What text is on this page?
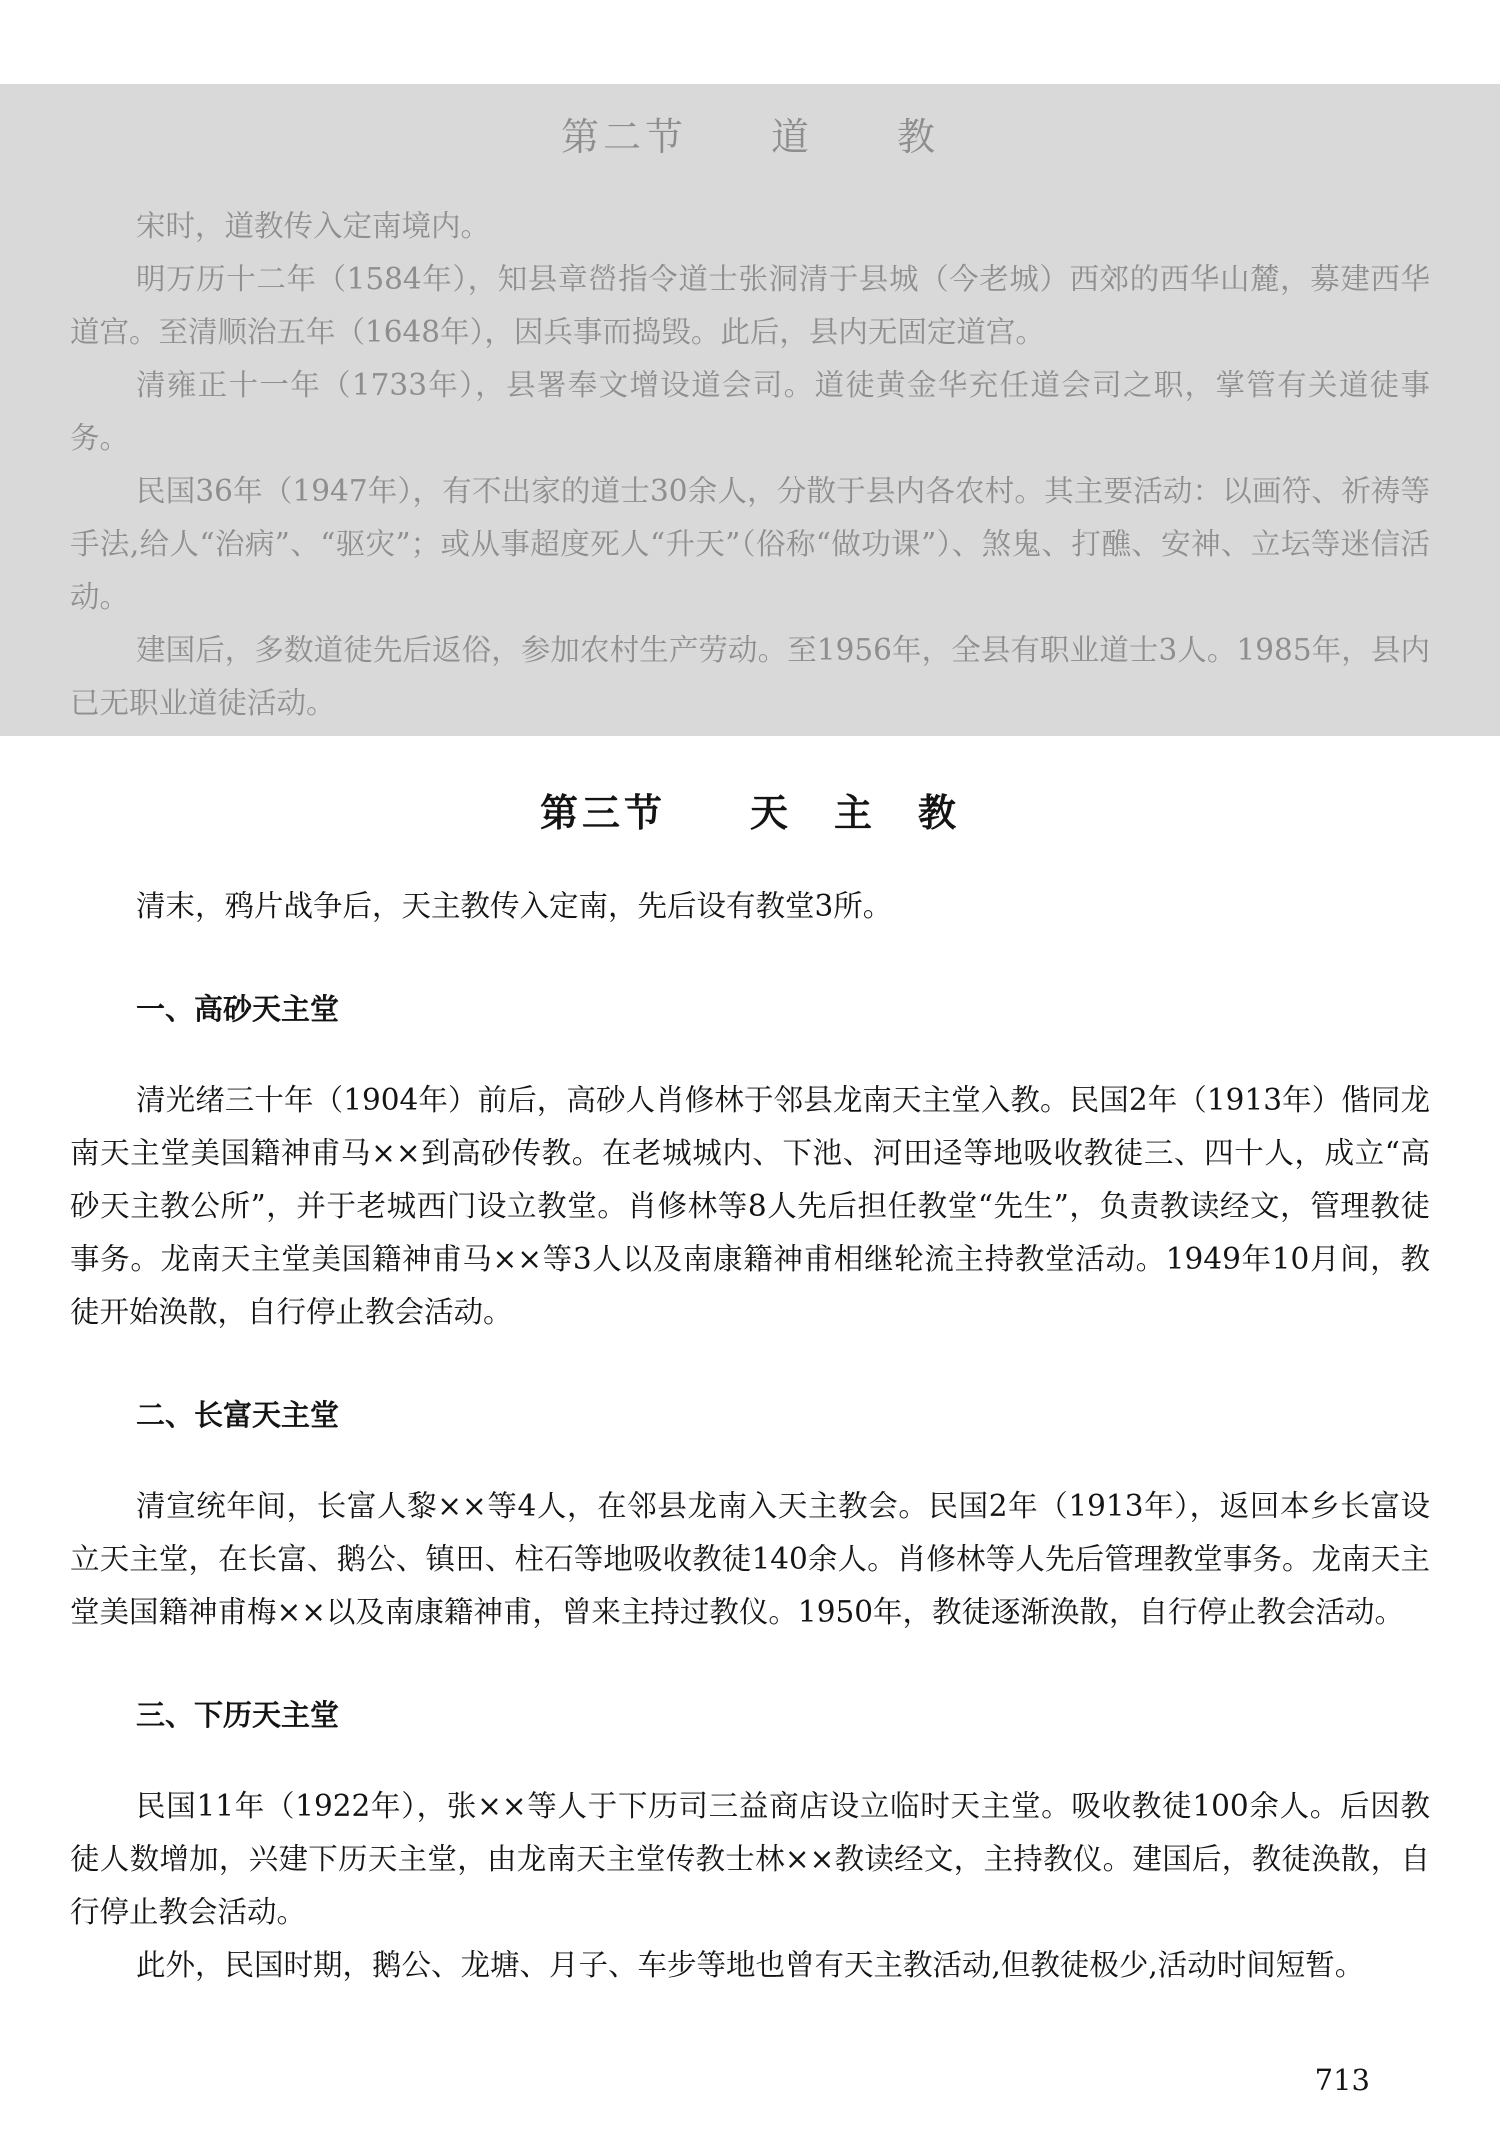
第二节　　道　　教

宋时，道教传入定南境内。

明万历十二年（1584年），知县章嵤指令道士张洞清于县城（今老城）西郊的西华山麓，募建西华道宫。至清顺治五年（1648年），因兵事而捣毁。此后，县内无固定道宫。

清雍正十一年（1733年），县署奉文增设道会司。道徒黄金华充任道会司之职，掌管有关道徒事务。

民国36年（1947年），有不出家的道士30余人，分散于县内各农村。其主要活动：以画符、祈祷等手法,给人“治病”、“驱灾”；或从事超度死人“升天”（俗称“做功课”）、煞鬼、打醮、安神、立坛等迷信活动。

建国后，多数道徒先后返俗，参加农村生产劳动。至1956年，全县有职业道士3人。1985年，县内已无职业道徒活动。

第三节　　天　主　教

清末，鸦片战争后，天主教传入定南，先后设有教堂3所。

一、高砂天主堂

清光绪三十年（1904年）前后，高砂人肖修林于邻县龙南天主堂入教。民国2年（1913年）偕同龙南天主堂美国籍神甫马××到高砂传教。在老城城内、下池、河田迳等地吸收教徒三、四十人，成立“高砂天主教公所”，并于老城西门设立教堂。肖修林等8人先后担任教堂“先生”，负责教读经文，管理教徒事务。龙南天主堂美国籍神甫马××等3人以及南康籍神甫相继轮流主持教堂活动。1949年10月间，教徒开始涣散，自行停止教会活动。

二、长富天主堂

清宣统年间，长富人黎××等4人，在邻县龙南入天主教会。民国2年（1913年），返回本乡长富设立天主堂，在长富、鹅公、镇田、柱石等地吸收教徒140余人。肖修林等人先后管理教堂事务。龙南天主堂美国籍神甫梅××以及南康籍神甫，曾来主持过教仪。1950年，教徒逐渐涣散，自行停止教会活动。

三、下历天主堂

民国11年（1922年），张××等人于下历司三益商店设立临时天主堂。吸收教徒100余人。后因教徒人数增加，兴建下历天主堂，由龙南天主堂传教士林××教读经文，主持教仪。建国后，教徒涣散，自行停止教会活动。

此外，民国时期，鹅公、龙塘、月子、车步等地也曾有天主教活动,但教徒极少,活动时间短暂。

713
